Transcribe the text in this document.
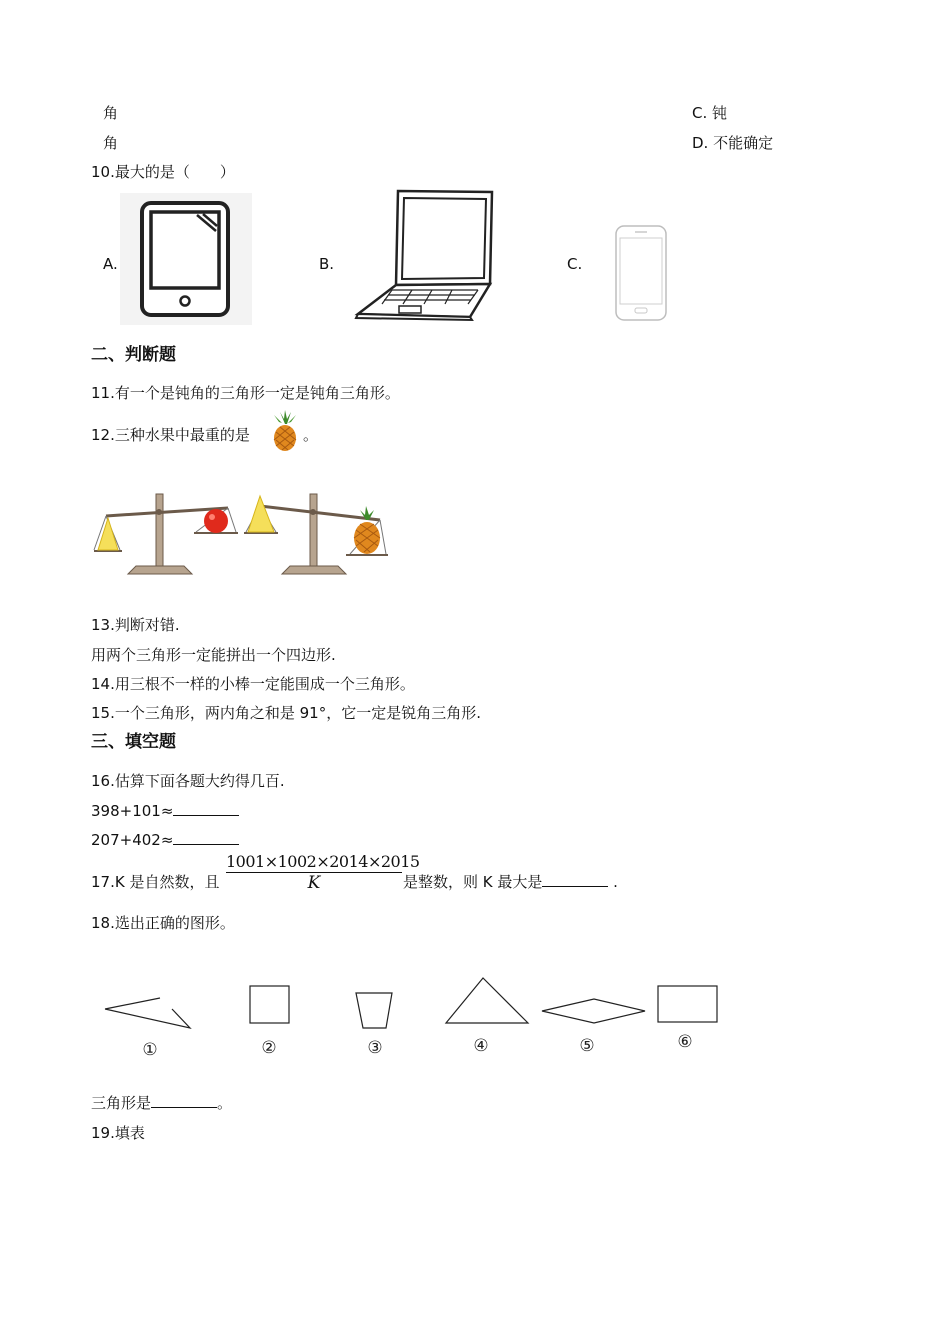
角
角
C. 钝
D. 不能确定
10.最大的是（　　）
A.	B.	C.
二、判断题
11.有一个是钝角的三角形一定是钝角三角形。
12.三种水果中最重的是	。
13.判断对错.
用两个三角形一定能拼出一个四边形.
14.用三根不一样的小棒一定能围成一个三角形。
15.一个三角形，两内角之和是 91°，它一定是锐角三角形.
三、填空题
16.估算下面各题大约得几百.
398+101≈
207+402≈
17.K 是自然数，且 $\frac{1001\times 1002\times 2014\times 2015}{K}$ 是整数，则 K 最大是	.
18.选出正确的图形。
①	②	③	④	⑤	⑥
三角形是	。
19.填表
